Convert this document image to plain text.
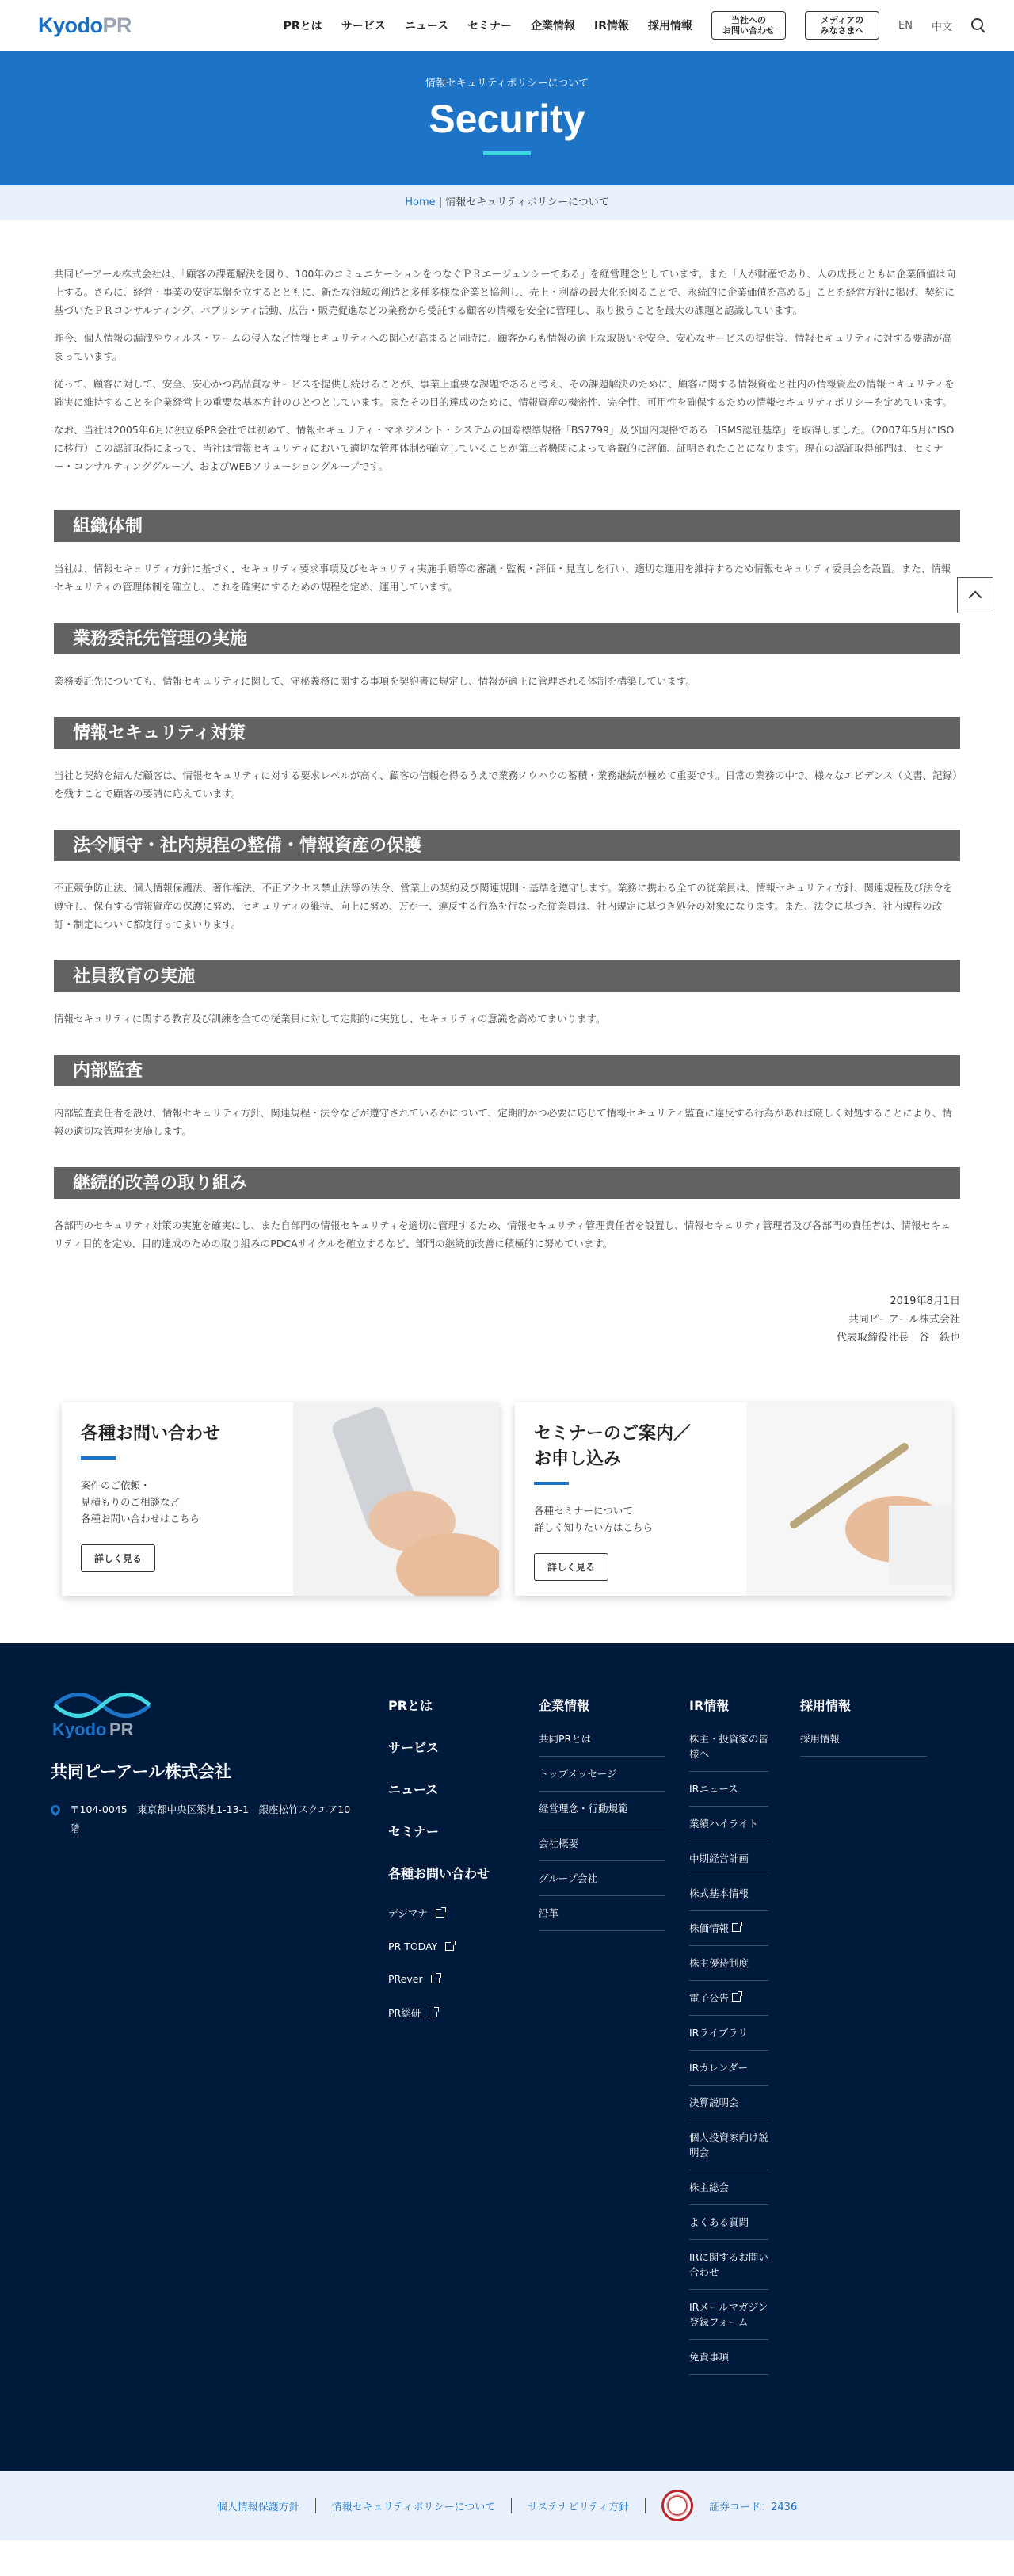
KyodoPR	PRとは サービス ニュース セミナー 企業情報 IR情報 採用情報	当社への
お問い合わせ
メディアの
みなさまへ	EN 中文
情報セキュリティポリシーについて
Security
Home | 情報セキュリティポリシーについて

共同ピーアール株式会社は、「顧客の課題解決を図り、100年のコミュニケーションをつなぐＰＲエージェンシーである」を経営理念としています。また「人が財産であり、人の成長とともに企業価値は向上する。さらに、経営・事業の安定基盤を立するとともに、新たな領域の創造と多種多様な企業と協創し、売上・利益の最大化を図ることで、永続的に企業価値を高める」ことを経営方針に掲げ、契約に基づいたＰＲコンサルティング、パブリシティ活動、広告・販売促進などの業務から受託する顧客の情報を安全に管理し、取り扱うことを最大の課題と認識しています。

昨今、個人情報の漏洩やウィルス・ワームの侵入など情報セキュリティへの関心が高まると同時に、顧客からも情報の適正な取扱いや安全、安心なサービスの提供等、情報セキュリティに対する要請が高まっています。

従って、顧客に対して、安全、安心かつ高品質なサービスを提供し続けることが、事業上重要な課題であると考え、その課題解決のために、顧客に関する情報資産と社内の情報資産の情報セキュリティを確実に維持することを企業経営上の重要な基本方針のひとつとしています。またその目的達成のために、情報資産の機密性、完全性、可用性を確保するための情報セキュリティポリシーを定めています。

なお、当社は2005年6月に独立系PR会社では初めて、情報セキュリティ・マネジメント・システムの国際標準規格「BS7799」及び国内規格である「ISMS認証基準」を取得しました。（2007年5月にISOに移行）この認証取得によって、当社は情報セキュリティにおいて適切な管理体制が確立していることが第三者機関によって客観的に評価、証明されたことになります。現在の認証取得部門は、セミナー・コンサルティンググループ、およびWEBソリューショングループです。

組織体制

当社は、情報セキュリティ方針に基づく、セキュリティ要求事項及びセキュリティ実施手順等の審議・監視・評価・見直しを行い、適切な運用を維持するため情報セキュリティ委員会を設置。また、情報セキュリティの管理体制を確立し、これを確実にするための規程を定め、運用しています。

業務委託先管理の実施

業務委託先についても、情報セキュリティに関して、守秘義務に関する事項を契約書に規定し、情報が適正に管理される体制を構築しています。

情報セキュリティ対策

当社と契約を結んだ顧客は、情報セキュリティに対する要求レベルが高く、顧客の信頼を得るうえで業務ノウハウの蓄積・業務継続が極めて重要です。日常の業務の中で、様々なエビデンス（文書、記録）を残すことで顧客の要請に応えています。

法令順守・社内規程の整備・情報資産の保護

不正競争防止法、個人情報保護法、著作権法、不正アクセス禁止法等の法令、営業上の契約及び関連規則・基準を遵守します。業務に携わる全ての従業員は、情報セキュリティ方針、関連規程及び法令を遵守し、保有する情報資産の保護に努め、セキュリティの維持、向上に努め、万が一、違反する行為を行なった従業員は、社内規定に基づき処分の対象になります。また、法令に基づき、社内規程の改訂・制定について都度行ってまいります。

社員教育の実施

情報セキュリティに関する教育及び訓練を全ての従業員に対して定期的に実施し、セキュリティの意識を高めてまいります。

内部監査

内部監査責任者を設け、情報セキュリティ方針、関連規程・法令などが遵守されているかについて、定期的かつ必要に応じて情報セキュリティ監査に違反する行為があれば厳しく対処することにより、情報の適切な管理を実施します。

継続的改善の取り組み

各部門のセキュリティ対策の実施を確実にし、また自部門の情報セキュリティを適切に管理するため、情報セキュリティ管理責任者を設置し、情報セキュリティ管理者及び各部門の責任者は、情報セキュリティ目的を定め、目的達成のための取り組みのPDCAサイクルを確立するなど、部門の継続的改善に積極的に努めています。

2019年8月1日
共同ピーアール株式会社
代表取締役社長　谷　鉄也
各種お問い合わせ

案件のご依頼・
見積もりのご相談など
各種お問い合わせはこちら

詳しく見る
セミナーのご案内／
お申し込み

各種セミナーについて
詳しく知りたい方はこちら

詳しく見る
Kyodo PR
共同ピーアール株式会社
〒104-0045　東京都中央区築地1-13-1　銀座松竹スクエア10階
PRとは
サービス
ニュース
セミナー
各種お問い合わせ
デジマナ
PR TODAY
PRever
PR総研
企業情報
共同PRとは
トップメッセージ
経営理念・行動規範
会社概要
グループ会社
沿革
IR情報
株主・投資家の皆様へ
IRニュース
業績ハイライト
中期経営計画
株式基本情報
株価情報
株主優待制度
電子公告
IRライブラリ
IRカレンダー
決算説明会
個人投資家向け説明会
株主総会
よくある質問
IRに関するお問い合わせ
IRメールマガジン登録フォーム
免責事項
採用情報
採用情報
個人情報保護方針	情報セキュリティポリシーについて	サステナビリティ方針	証券コード：2436
